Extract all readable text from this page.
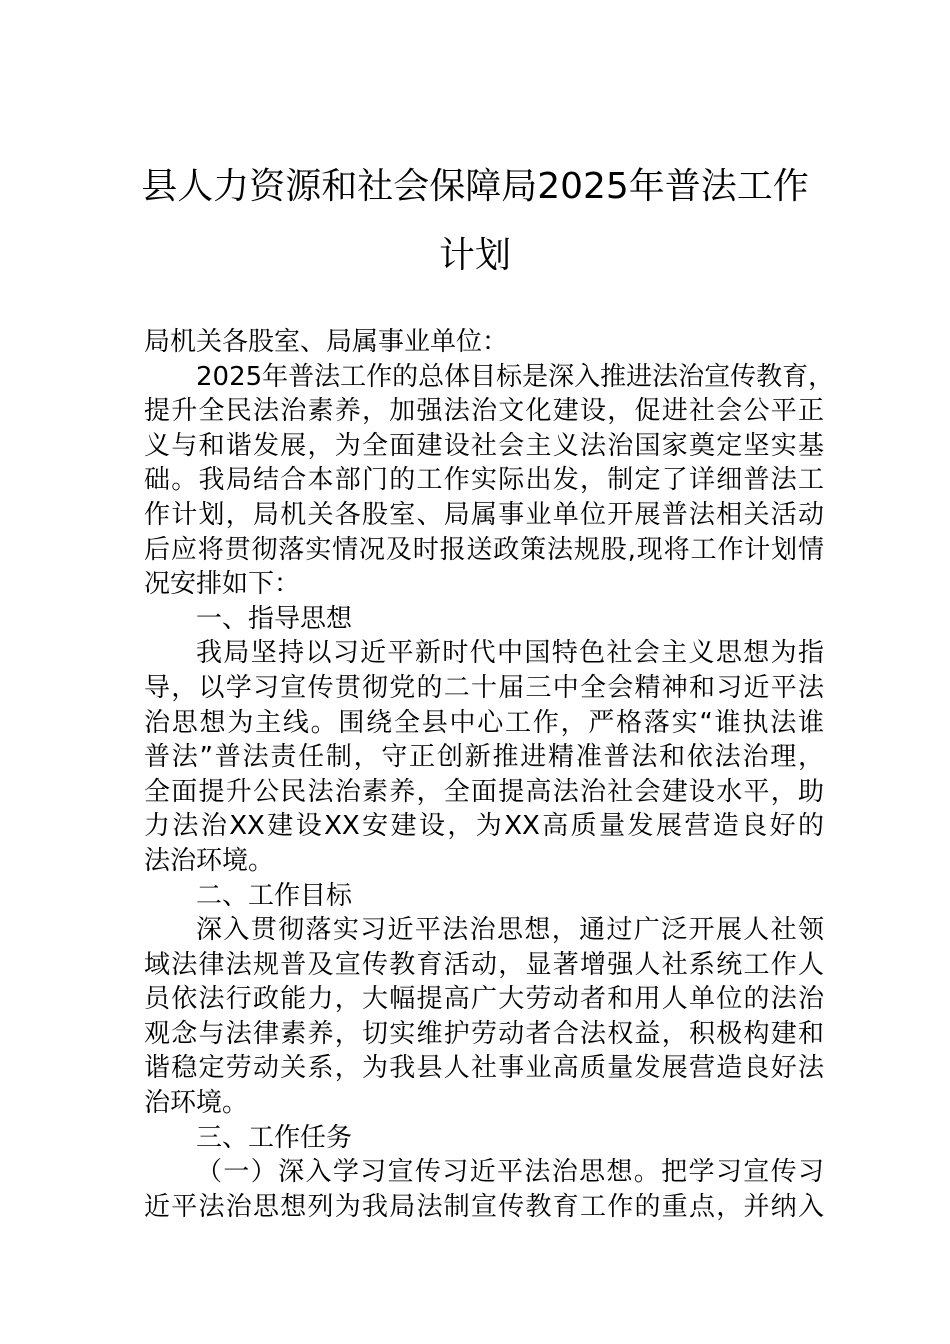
县人力资源和社会保障局2025年普法工作
计划
局机关各股室、局属事业单位：
2025年普法工作的总体目标是深入推进法治宣传教育，
提升全民法治素养，加强法治文化建设，促进社会公平正
义与和谐发展，为全面建设社会主义法治国家奠定坚实基
础。我局结合本部门的工作实际出发，制定了详细普法工
作计划，局机关各股室、局属事业单位开展普法相关活动
后应将贯彻落实情况及时报送政策法规股,现将工作计划情
况安排如下：
一、指导思想
我局坚持以习近平新时代中国特色社会主义思想为指
导，以学习宣传贯彻党的二十届三中全会精神和习近平法
治思想为主线。围绕全县中心工作，严格落实“谁执法谁
普法”普法责任制，守正创新推进精准普法和依法治理，
全面提升公民法治素养，全面提高法治社会建设水平，助
力法治XX建设XX安建设，为XX高质量发展营造良好的
法治环境。
二、工作目标
深入贯彻落实习近平法治思想，通过广泛开展人社领
域法律法规普及宣传教育活动，显著增强人社系统工作人
员依法行政能力，大幅提高广大劳动者和用人单位的法治
观念与法律素养，切实维护劳动者合法权益，积极构建和
谐稳定劳动关系，为我县人社事业高质量发展营造良好法
治环境。
三、工作任务
（一）深入学习宣传习近平法治思想。把学习宣传习
近平法治思想列为我局法制宣传教育工作的重点，并纳入
